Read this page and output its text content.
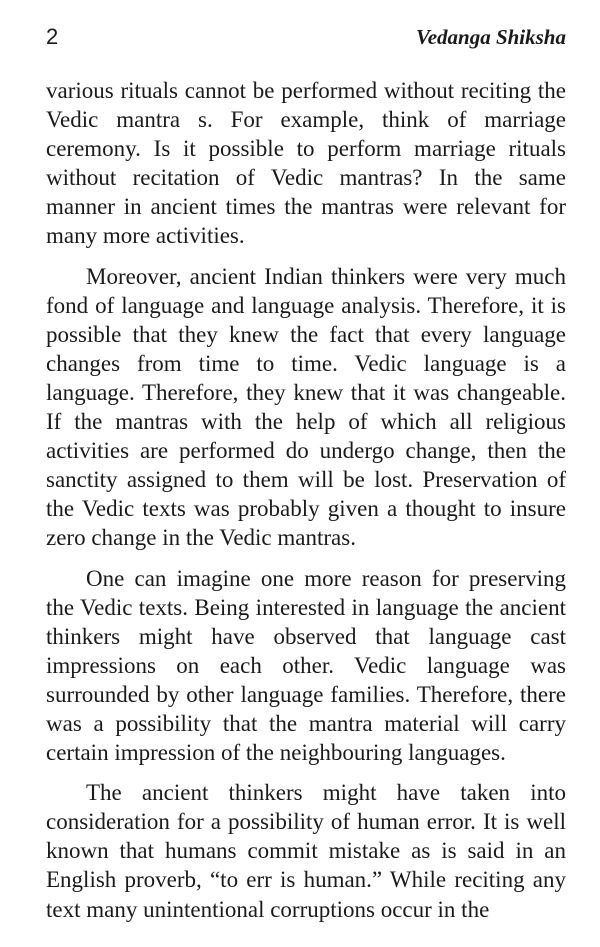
2	Vedanga Shiksha

various rituals cannot be performed without reciting the Vedic mantra s. For example, think of marriage ceremony. Is it possible to perform marriage rituals without recitation of Vedic mantras? In the same manner in ancient times the mantras were relevant for many more activities.

Moreover, ancient Indian thinkers were very much fond of language and language analysis. Therefore, it is possible that they knew the fact that every language changes from time to time. Vedic language is a language. Therefore, they knew that it was changeable. If the mantras with the help of which all religious activities are performed do undergo change, then the sanctity assigned to them will be lost. Preservation of the Vedic texts was probably given a thought to insure zero change in the Vedic mantras.

One can imagine one more reason for preserving the Vedic texts. Being interested in language the ancient thinkers might have observed that language cast impressions on each other. Vedic language was surrounded by other language families. Therefore, there was a possibility that the mantra material will carry certain impression of the neighbouring languages.

The ancient thinkers might have taken into consideration for a possibility of human error. It is well known that humans commit mistake as is said in an English proverb, “to err is human.” While reciting any text many unintentional corruptions occur in the
